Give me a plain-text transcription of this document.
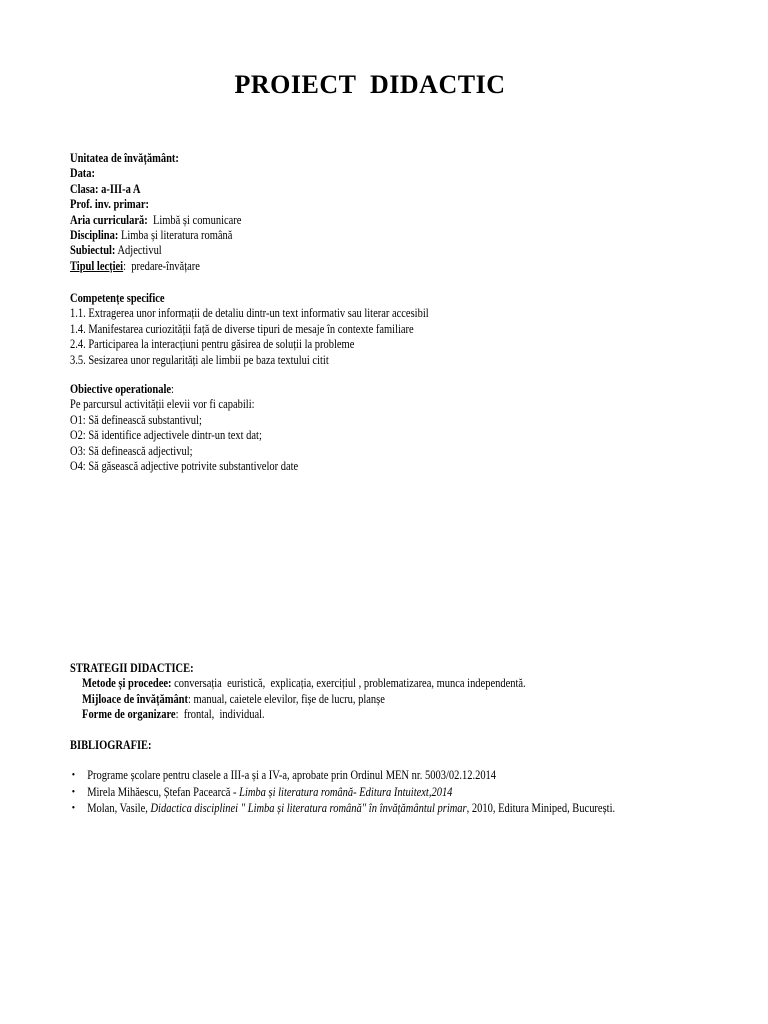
PROIECT  DIDACTIC
Unitatea de învățământ:
Data:
Clasa: a-III-a A
Prof. inv. primar:
Aria curriculară:  Limbă și comunicare
Disciplina: Limba și literatura română
Subiectul: Adjectivul
Tipul lecției:  predare-învățare
Competențe specifice
1.1. Extragerea unor informații de detaliu dintr-un text informativ sau literar accesibil
1.4. Manifestarea curiozității față de diverse tipuri de mesaje în contexte familiare
2.4. Participarea la interacțiuni pentru găsirea de soluții la probleme
3.5. Sesizarea unor regularități ale limbii pe baza textului citit
Obiective operationale:
Pe parcursul activității elevii vor fi capabili:
O1: Să definească substantivul;
O2: Să identifice adjectivele dintr-un text dat;
O3: Să definească adjectivul;
O4: Să găsească adjective potrivite substantivelor date
STRATEGII DIDACTICE:
Metode și procedee: conversația  euristică,  explicația, exercițiul , problematizarea, munca independentă.
Mijloace de învățământ: manual, caietele elevilor, fișe de lucru, planșe
Forme de organizare:  frontal,  individual.
BIBLIOGRAFIE:
• Programe școlare pentru clasele a III-a și a IV-a, aprobate prin Ordinul MEN nr. 5003/02.12.2014
• Mirela Mihăescu, Ștefan Pacearcă - Limba și literatura română- Editura Intuitext,2014
• Molan, Vasile, Didactica disciplinei " Limba și literatura română" în învățământul primar, 2010, Editura Miniped, București.
